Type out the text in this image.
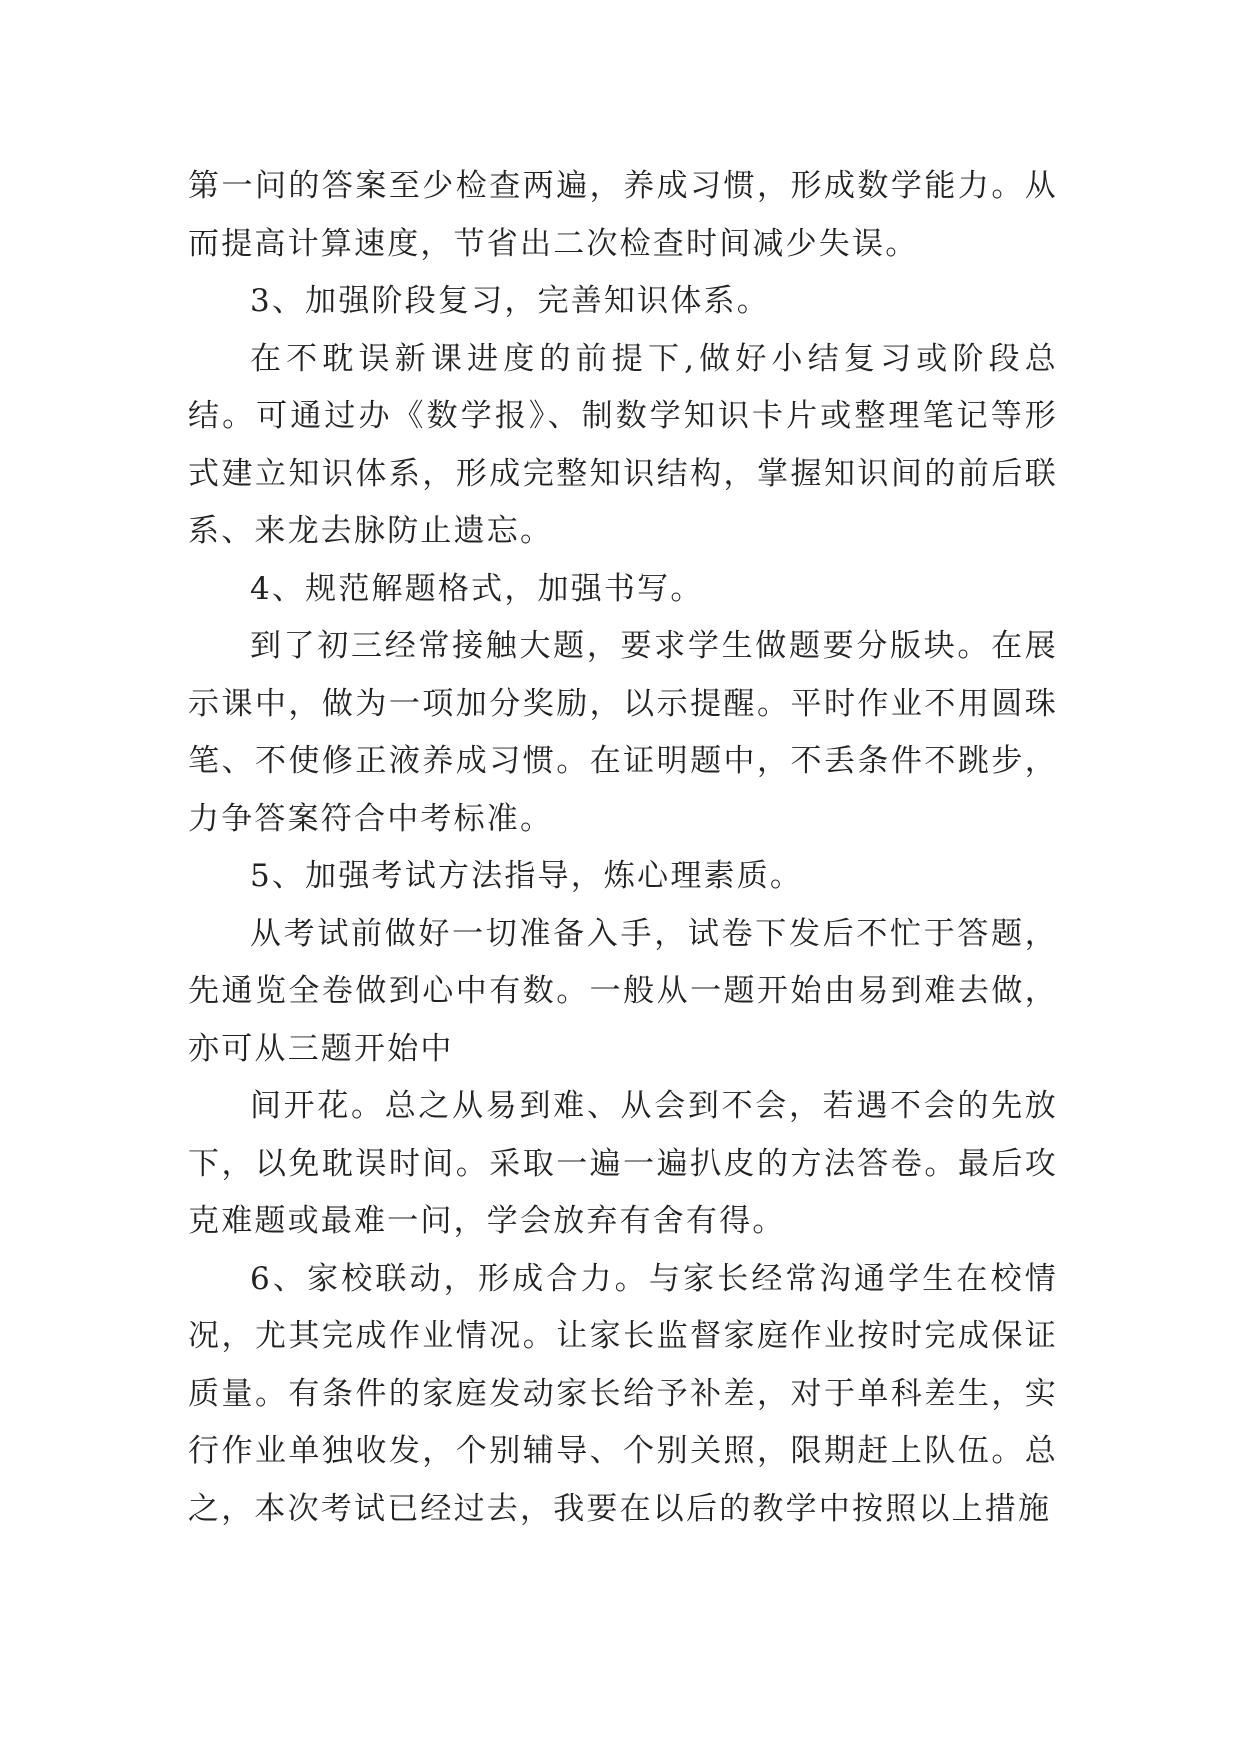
第一问的答案至少检查两遍，养成习惯，形成数学能力。从而提高计算速度，节省出二次检查时间减少失误。

3、加强阶段复习，完善知识体系。

在不耽误新课进度的前提下,做好小结复习或阶段总结。可通过办《数学报》、制数学知识卡片或整理笔记等形式建立知识体系，形成完整知识结构，掌握知识间的前后联系、来龙去脉防止遗忘。

4、规范解题格式，加强书写。

到了初三经常接触大题，要求学生做题要分版块。在展示课中，做为一项加分奖励，以示提醒。平时作业不用圆珠笔、不使修正液养成习惯。在证明题中，不丢条件不跳步，力争答案符合中考标准。

5、加强考试方法指导，炼心理素质。

从考试前做好一切准备入手，试卷下发后不忙于答题，先通览全卷做到心中有数。一般从一题开始由易到难去做，亦可从三题开始中

间开花。总之从易到难、从会到不会，若遇不会的先放下，以免耽误时间。采取一遍一遍扒皮的方法答卷。最后攻克难题或最难一问，学会放弃有舍有得。

6、家校联动，形成合力。与家长经常沟通学生在校情况，尤其完成作业情况。让家长监督家庭作业按时完成保证质量。有条件的家庭发动家长给予补差，对于单科差生，实行作业单独收发，个别辅导、个别关照，限期赶上队伍。总之，本次考试已经过去，我要在以后的教学中按照以上措施
